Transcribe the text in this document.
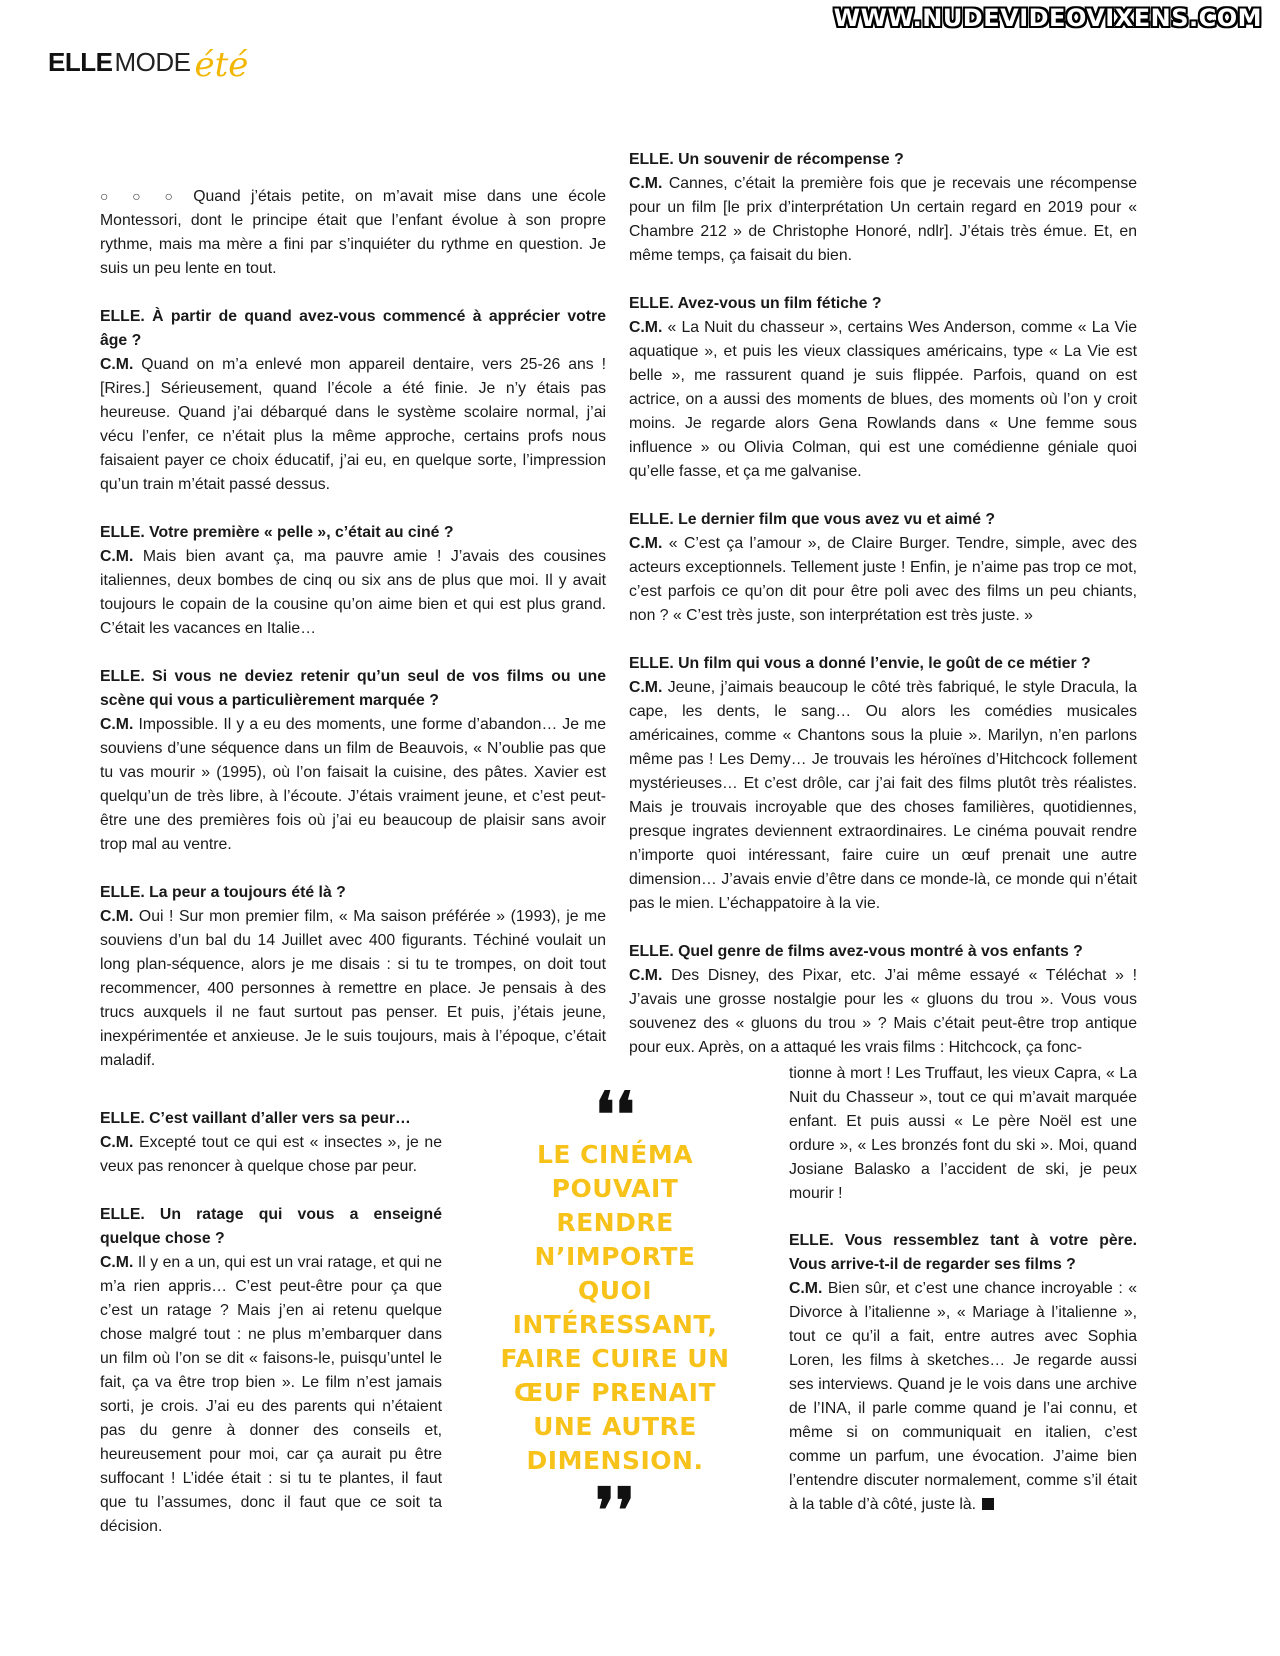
WWW.NUDEVIDEOVIXENS.COM
ELLE MODE été

○ ○ ○ Quand j’étais petite, on m’avait mise dans une école Montessori, dont le principe était que l’enfant évolue à son propre rythme, mais ma mère a fini par s’inquiéter du rythme en question. Je suis un peu lente en tout.

ELLE. À partir de quand avez-vous commencé à apprécier votre âge ?

C.M. Quand on m’a enlevé mon appareil dentaire, vers 25-26 ans ! [Rires.] Sérieusement, quand l’école a été finie. Je n’y étais pas heureuse. Quand j’ai débarqué dans le système scolaire normal, j’ai vécu l’enfer, ce n’était plus la même approche, certains profs nous faisaient payer ce choix éducatif, j’ai eu, en quelque sorte, l’impression qu’un train m’était passé dessus.

ELLE. Votre première « pelle », c’était au ciné ?

C.M. Mais bien avant ça, ma pauvre amie ! J’avais des cousines italiennes, deux bombes de cinq ou six ans de plus que moi. Il y avait toujours le copain de la cousine qu’on aime bien et qui est plus grand. C’était les vacances en Italie…

ELLE. Si vous ne deviez retenir qu’un seul de vos films ou une scène qui vous a particulièrement marquée ?

C.M. Impossible. Il y a eu des moments, une forme d’abandon… Je me souviens d’une séquence dans un film de Beauvois, « N’oublie pas que tu vas mourir » (1995), où l’on faisait la cuisine, des pâtes. Xavier est quelqu’un de très libre, à l’écoute. J’étais vraiment jeune, et c’est peut-être une des premières fois où j’ai eu beaucoup de plaisir sans avoir trop mal au ventre.

ELLE. La peur a toujours été là ?

C.M. Oui ! Sur mon premier film, « Ma saison préférée » (1993), je me souviens d’un bal du 14 Juillet avec 400 figurants. Téchiné voulait un long plan-séquence, alors je me disais : si tu te trompes, on doit tout recommencer, 400 personnes à remettre en place. Je pensais à des trucs auxquels il ne faut surtout pas penser. Et puis, j’étais jeune, inexpérimentée et anxieuse. Je le suis toujours, mais à l’époque, c’était maladif.

ELLE. C’est vaillant d’aller vers sa peur…

C.M. Excepté tout ce qui est « insectes », je ne veux pas renoncer à quelque chose par peur.

ELLE. Un ratage qui vous a enseigné quelque chose ?

C.M. Il y en a un, qui est un vrai ratage, et qui ne m’a rien appris… C’est peut-être pour ça que c’est un ratage ? Mais j’en ai retenu quelque chose malgré tout : ne plus m’embarquer dans un film où l’on se dit « faisons-le, puisqu’untel le fait, ça va être trop bien ». Le film n’est jamais sorti, je crois. J’ai eu des parents qui n’étaient pas du genre à donner des conseils et, heureusement pour moi, car ça aurait pu être suffocant ! L’idée était : si tu te plantes, il faut que tu l’assumes, donc il faut que ce soit ta décision.

ELLE. Un souvenir de récompense ?

C.M. Cannes, c’était la première fois que je recevais une récompense pour un film [le prix d’interprétation Un certain regard en 2019 pour « Chambre 212 » de Christophe Honoré, ndlr]. J’étais très émue. Et, en même temps, ça faisait du bien.

ELLE. Avez-vous un film fétiche ?

C.M. « La Nuit du chasseur », certains Wes Anderson, comme « La Vie aquatique », et puis les vieux classiques américains, type « La Vie est belle », me rassurent quand je suis flippée. Parfois, quand on est actrice, on a aussi des moments de blues, des moments où l’on y croit moins. Je regarde alors Gena Rowlands dans « Une femme sous influence » ou Olivia Colman, qui est une comédienne géniale quoi qu’elle fasse, et ça me galvanise.

ELLE. Le dernier film que vous avez vu et aimé ?

C.M. « C’est ça l’amour », de Claire Burger. Tendre, simple, avec des acteurs exceptionnels. Tellement juste ! Enfin, je n’aime pas trop ce mot, c’est parfois ce qu’on dit pour être poli avec des films un peu chiants, non ? « C’est très juste, son interprétation est très juste. »

ELLE. Un film qui vous a donné l’envie, le goût de ce métier ?

C.M. Jeune, j’aimais beaucoup le côté très fabriqué, le style Dracula, la cape, les dents, le sang… Ou alors les comédies musicales américaines, comme « Chantons sous la pluie ». Marilyn, n’en parlons même pas ! Les Demy… Je trouvais les héroïnes d’Hitchcock follement mystérieuses… Et c’est drôle, car j’ai fait des films plutôt très réalistes. Mais je trouvais incroyable que des choses familières, quotidiennes, presque ingrates deviennent extraordinaires. Le cinéma pouvait rendre n’importe quoi intéressant, faire cuire un œuf prenait une autre dimension… J’avais envie d’être dans ce monde-là, ce monde qui n’était pas le mien. L’échappatoire à la vie.

ELLE. Quel genre de films avez-vous montré à vos enfants ?

C.M. Des Disney, des Pixar, etc. J’ai même essayé « Téléchat » ! J’avais une grosse nostalgie pour les « gluons du trou ». Vous vous souvenez des « gluons du trou » ? Mais c’était peut-être trop antique pour eux. Après, on a attaqué les vrais films : Hitchcock, ça fonc-

tionne à mort ! Les Truffaut, les vieux Capra, « La Nuit du Chasseur », tout ce qui m’avait marquée enfant. Et puis aussi « Le père Noël est une ordure », « Les bronzés font du ski ». Moi, quand Josiane Balasko a l’accident de ski, je peux mourir !

ELLE. Vous ressemblez tant à votre père. Vous arrive-t-il de regarder ses films ?

C.M. Bien sûr, et c’est une chance incroyable : « Divorce à l’italienne », « Mariage à l’italienne », tout ce qu’il a fait, entre autres avec Sophia Loren, les films à sketches… Je regarde aussi ses interviews. Quand je le vois dans une archive de l’INA, il parle comme quand je l’ai connu, et même si on communiquait en italien, c’est comme un parfum, une évocation. J’aime bien l’entendre discuter normalement, comme s’il était à la table d’à côté, juste là.

❛❛
LE CINÉMA POUVAIT RENDRE N’IMPORTE QUOI INTÉRESSANT, FAIRE CUIRE UN ŒUF PRENAIT UNE AUTRE DIMENSION.
❜❜
